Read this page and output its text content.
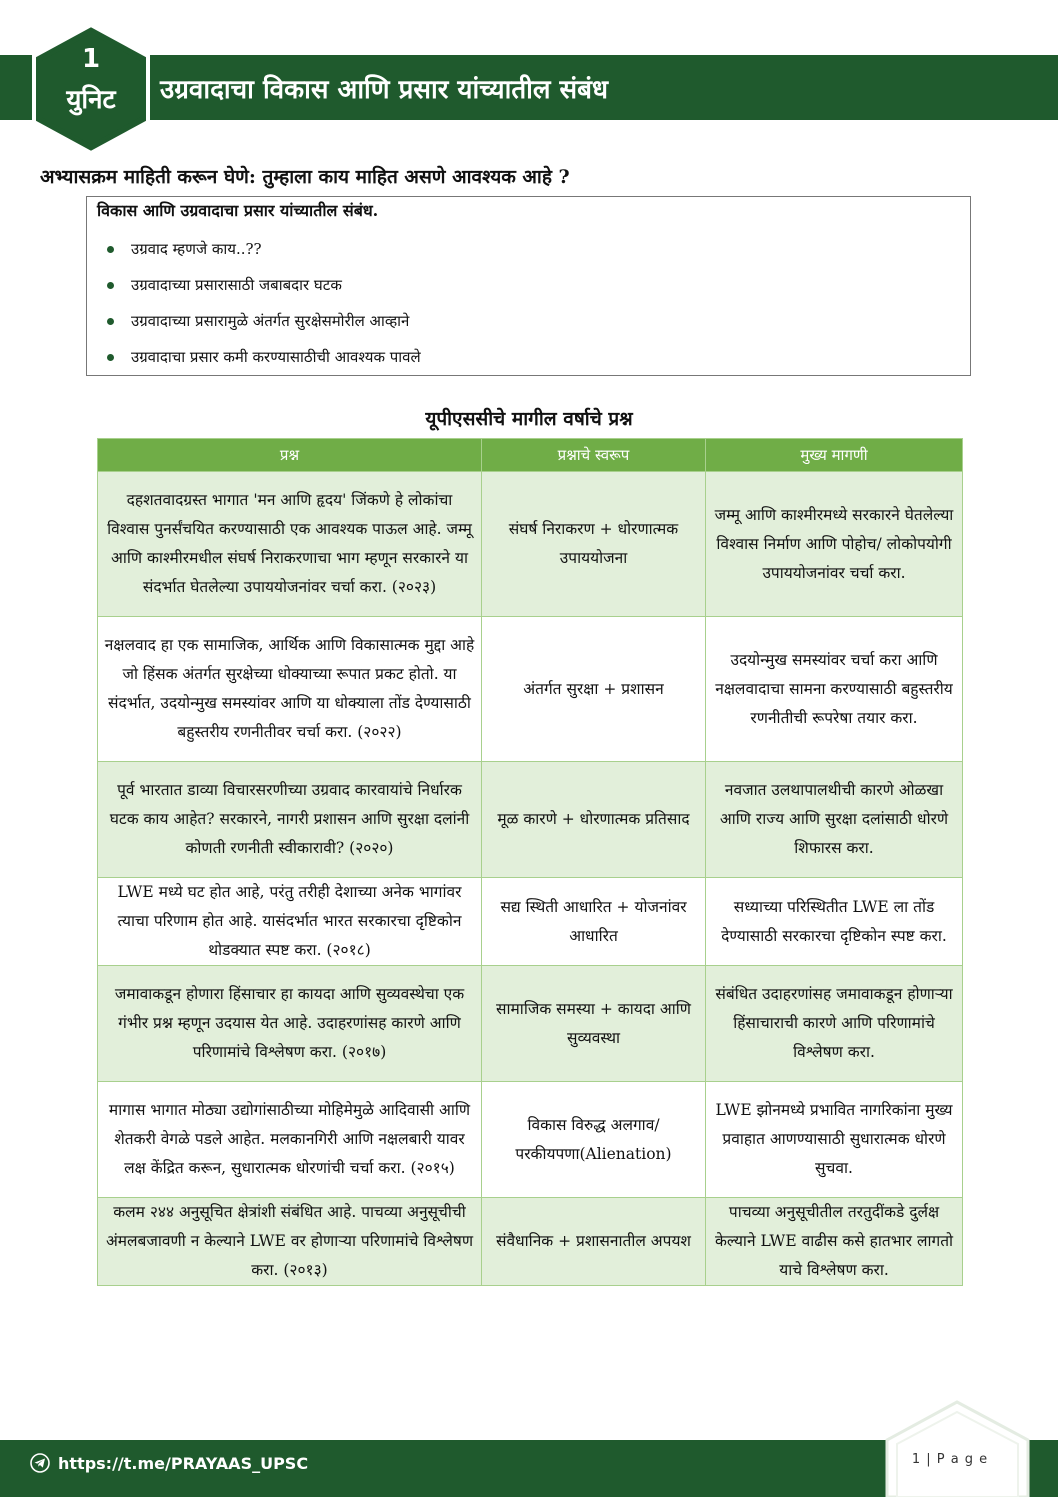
1
युनिट	उग्रवादाचा विकास आणि प्रसार यांच्यातील संबंध
अभ्यासक्रम माहिती करून घेणे: तुम्हाला काय माहित असणे आवश्यक आहे ?
विकास आणि उग्रवादाचा प्रसार यांच्यातील संबंध.
उग्रवाद म्हणजे काय..??
उग्रवादाच्या प्रसारासाठी जबाबदार घटक
उग्रवादाच्या प्रसारामुळे अंतर्गत सुरक्षेसमोरील आव्हाने
उग्रवादाचा प्रसार कमी करण्यासाठीची आवश्यक पावले
यूपीएससीचे मागील वर्षाचे प्रश्न
प्रश्न	प्रश्नाचे स्वरूप	मुख्य मागणी
दहशतवादग्रस्त भागात 'मन आणि हृदय' जिंकणे हे लोकांचा विश्वास पुनर्संचयित करण्यासाठी एक आवश्यक पाऊल आहे. जम्मू आणि काश्मीरमधील संघर्ष निराकरणाचा भाग म्हणून सरकारने या संदर्भात घेतलेल्या उपाययोजनांवर चर्चा करा. (२०२३)	संघर्ष निराकरण + धोरणात्मक उपाययोजना	जम्मू आणि काश्मीरमध्ये सरकारने घेतलेल्या विश्वास निर्माण आणि पोहोच/ लोकोपयोगी उपाययोजनांवर चर्चा करा.
नक्षलवाद हा एक सामाजिक, आर्थिक आणि विकासात्मक मुद्दा आहे जो हिंसक अंतर्गत सुरक्षेच्या धोक्याच्या रूपात प्रकट होतो. या संदर्भात, उदयोन्मुख समस्यांवर आणि या धोक्याला तोंड देण्यासाठी बहुस्तरीय रणनीतीवर चर्चा करा. (२०२२)	अंतर्गत सुरक्षा + प्रशासन	उदयोन्मुख समस्यांवर चर्चा करा आणि नक्षलवादाचा सामना करण्यासाठी बहुस्तरीय रणनीतीची रूपरेषा तयार करा.
पूर्व भारतात डाव्या विचारसरणीच्या उग्रवाद कारवायांचे निर्धारक घटक काय आहेत? सरकारने, नागरी प्रशासन आणि सुरक्षा दलांनी कोणती रणनीती स्वीकारावी? (२०२०)	मूळ कारणे + धोरणात्मक प्रतिसाद	नवजात उलथापालथीची कारणे ओळखा आणि राज्य आणि सुरक्षा दलांसाठी धोरणे शिफारस करा.
LWE मध्ये घट होत आहे, परंतु तरीही देशाच्या अनेक भागांवर त्याचा परिणाम होत आहे. यासंदर्भात भारत सरकारचा दृष्टिकोन थोडक्यात स्पष्ट करा. (२०१८)	सद्य स्थिती आधारित + योजनांवर आधारित	सध्याच्या परिस्थितीत LWE ला तोंड देण्यासाठी सरकारचा दृष्टिकोन स्पष्ट करा.
जमावाकडून होणारा हिंसाचार हा कायदा आणि सुव्यवस्थेचा एक गंभीर प्रश्न म्हणून उदयास येत आहे. उदाहरणांसह कारणे आणि परिणामांचे विश्लेषण करा. (२०१७)	सामाजिक समस्या + कायदा आणि सुव्यवस्था	संबंधित उदाहरणांसह जमावाकडून होणाऱ्या हिंसाचाराची कारणे आणि परिणामांचे विश्लेषण करा.
मागास भागात मोठ्या उद्योगांसाठीच्या मोहिमेमुळे आदिवासी आणि शेतकरी वेगळे पडले आहेत. मलकानगिरी आणि नक्षलबारी यावर लक्ष केंद्रित करून, सुधारात्मक धोरणांची चर्चा करा. (२०१५)	विकास विरुद्ध अलगाव/ परकीयपणा(Alienation)	LWE झोनमध्ये प्रभावित नागरिकांना मुख्य प्रवाहात आणण्यासाठी सुधारात्मक धोरणे सुचवा.
कलम २४४ अनुसूचित क्षेत्रांशी संबंधित आहे. पाचव्या अनुसूचीची अंमलबजावणी न केल्याने LWE वर होणाऱ्या परिणामांचे विश्लेषण करा. (२०१३)	संवैधानिक + प्रशासनातील अपयश	पाचव्या अनुसूचीतील तरतुदींकडे दुर्लक्ष केल्याने LWE वाढीस कसे हातभार लागतो याचे विश्लेषण करा.
https://t.me/PRAYAAS_UPSC	1 | P a g e
